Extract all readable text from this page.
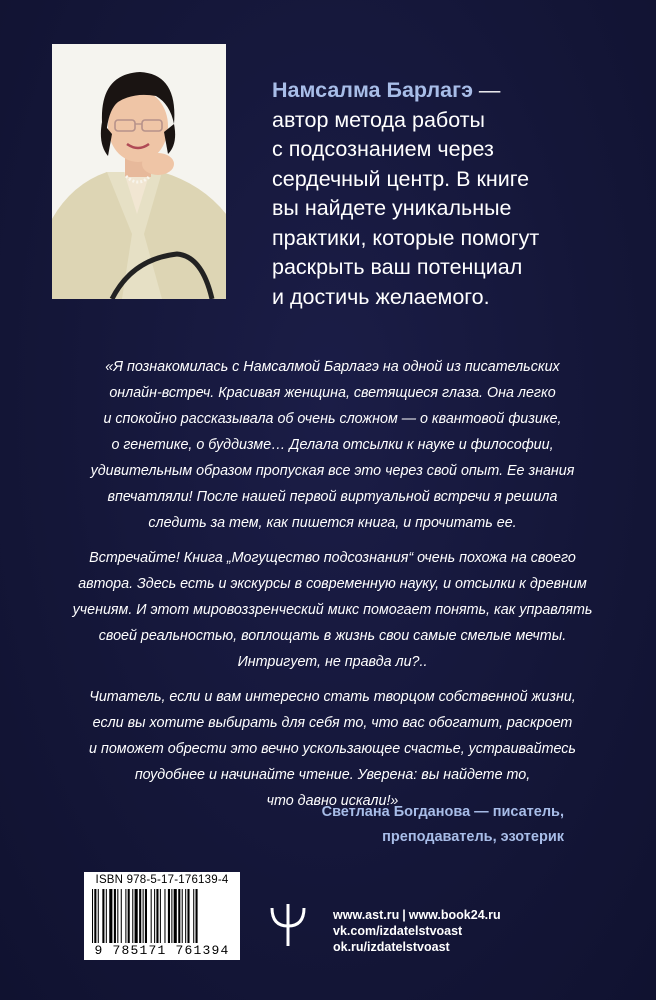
Намсалма Барлагэ —
автор метода работы
с подсознанием через
сердечный центр. В книге
вы найдете уникальные
практики, которые помогут
раскрыть ваш потенциал
и достичь желаемого.

«Я познакомилась с Намсалмой Барлагэ на одной из писательских
онлайн-встреч. Красивая женщина, светящиеся глаза. Она легко
и спокойно рассказывала об очень сложном — о квантовой физике,
о генетике, о буддизме… Делала отсылки к науке и философии,
удивительным образом пропуская все это через свой опыт. Ее знания
впечатляли! После нашей первой виртуальной встречи я решила
следить за тем, как пишется книга, и прочитать ее.

Встречайте! Книга „Могущество подсознания“ очень похожа на своего
автора. Здесь есть и экскурсы в современную науку, и отсылки к древним
учениям. И этот мировоззренческий микс помогает понять, как управлять
своей реальностью, воплощать в жизнь свои самые смелые мечты.
Интригует, не правда ли?..

Читатель, если и вам интересно стать творцом собственной жизни,
если вы хотите выбирать для себя то, что вас обогатит, раскроет
и поможет обрести это вечно ускользающее счастье, устраивайтесь
поудобнее и начинайте чтение. Уверена: вы найдете то,
что давно искали!»

Светлана Богданова — писатель,
преподаватель, эзотерик
ISBN 978-5-17-176139-4
9 785171 761394
www.ast.ru | www.book24.ru
vk.com/izdatelstvoast
ok.ru/izdatelstvoast
